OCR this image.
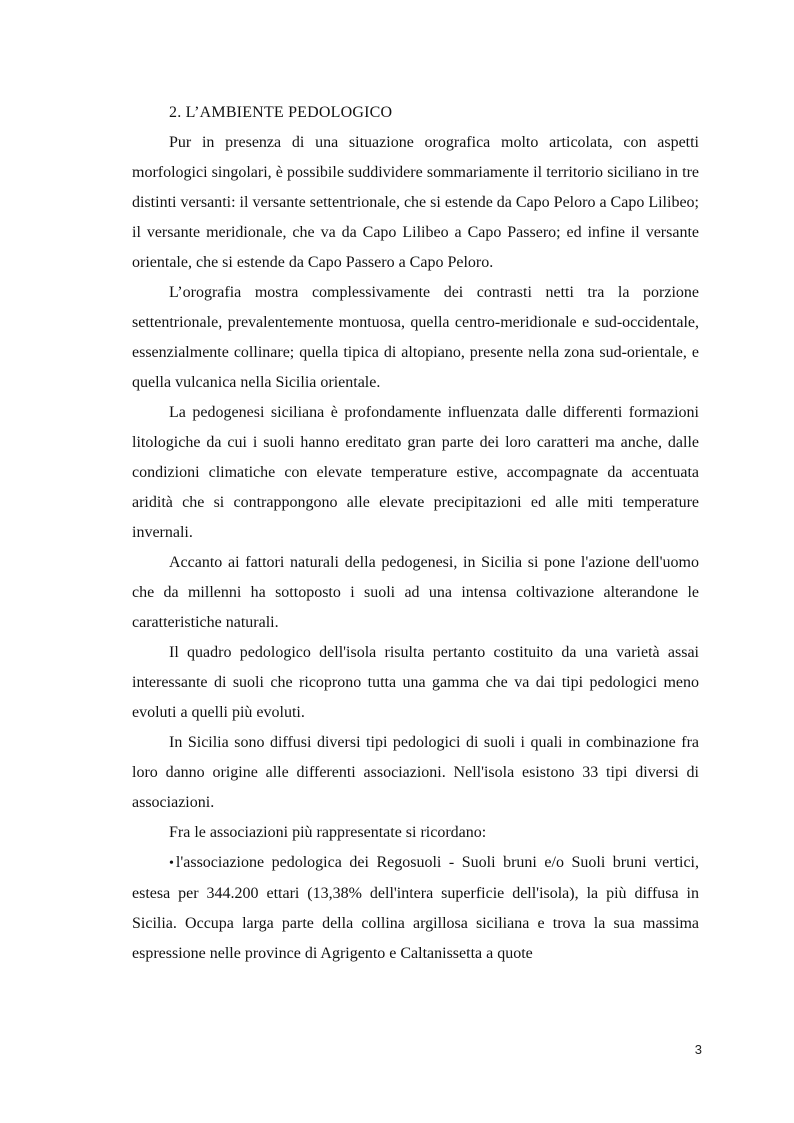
2. L’AMBIENTE PEDOLOGICO

Pur in presenza di una situazione orografica molto articolata, con aspetti morfologici singolari, è possibile suddividere sommariamente il territorio siciliano in tre distinti versanti: il versante settentrionale, che si estende da Capo Peloro a Capo Lilibeo; il versante meridionale, che va da Capo Lilibeo a Capo Passero; ed infine il versante orientale, che si estende da Capo Passero a Capo Peloro.

L’orografia mostra complessivamente dei contrasti netti tra la porzione settentrionale, prevalentemente montuosa, quella centro-meridionale e sud-occidentale, essenzialmente collinare; quella tipica di altopiano, presente nella zona sud-orientale, e quella vulcanica nella Sicilia orientale.

La pedogenesi siciliana è profondamente influenzata dalle differenti formazioni litologiche da cui i suoli hanno ereditato gran parte dei loro caratteri ma anche, dalle condizioni climatiche con elevate temperature estive, accompagnate da accentuata aridità che si contrappongono alle elevate precipitazioni ed alle miti temperature invernali.

Accanto ai fattori naturali della pedogenesi, in Sicilia si pone l'azione dell'uomo che da millenni ha sottoposto i suoli ad una intensa coltivazione alterandone le caratteristiche naturali.

Il quadro pedologico dell'isola risulta pertanto costituito da una varietà assai interessante di suoli che ricoprono tutta una gamma che va dai tipi pedologici meno evoluti a quelli più evoluti.

In Sicilia sono diffusi diversi tipi pedologici di suoli i quali in combinazione fra loro danno origine alle differenti associazioni. Nell'isola esistono 33 tipi diversi di associazioni.

Fra le associazioni più rappresentate si ricordano:

• l'associazione pedologica dei Regosuoli - Suoli bruni e/o Suoli bruni vertici, estesa per 344.200 ettari (13,38% dell'intera superficie dell'isola), la più diffusa in Sicilia. Occupa larga parte della collina argillosa siciliana e trova la sua massima espressione nelle province di Agrigento e Caltanissetta a quote

3
